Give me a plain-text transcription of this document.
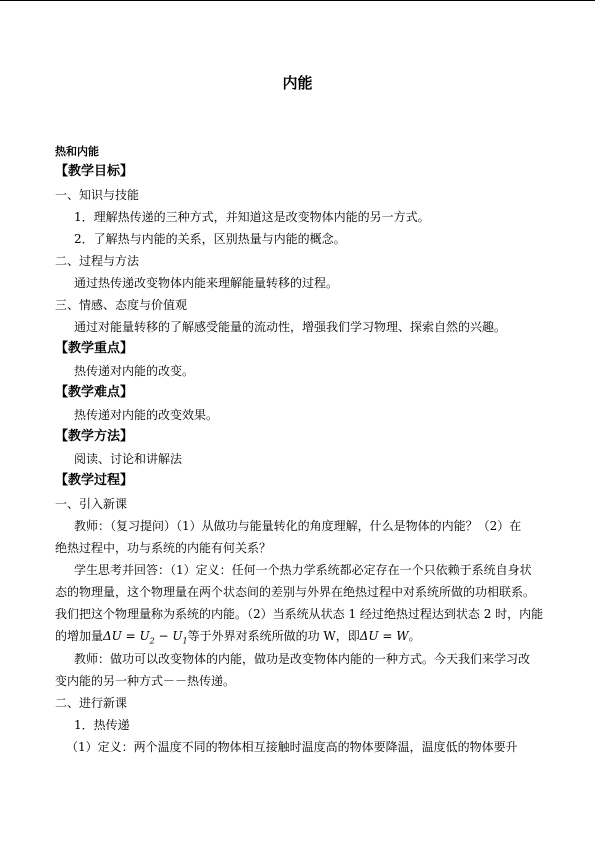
内能
热和内能
【教学目标】
一、知识与技能
1．理解热传递的三种方式，并知道这是改变物体内能的另一方式。
2．了解热与内能的关系，区别热量与内能的概念。
二、过程与方法
通过热传递改变物体内能来理解能量转移的过程。
三、情感、态度与价值观
通过对能量转移的了解感受能量的流动性，增强我们学习物理、探索自然的兴趣。
【教学重点】
热传递对内能的改变。
【教学难点】
热传递对内能的改变效果。
【教学方法】
阅读、讨论和讲解法
【教学过程】
一、引入新课
教师：（复习提问）（1）从做功与能量转化的角度理解，什么是物体的内能？（2）在
绝热过程中，功与系统的内能有何关系？
学生思考并回答：（1）定义：任何一个热力学系统都必定存在一个只依赖于系统自身状
态的物理量，这个物理量在两个状态间的差别与外界在绝热过程中对系统所做的功相联系。
我们把这个物理量称为系统的内能。（2）当系统从状态 1 经过绝热过程达到状态 2 时，内能
的增加量$\Delta U = U_2 - U_1$等于外界对系统所做的功 W，即ΔU = W。
教师：做功可以改变物体的内能，做功是改变物体内能的一种方式。今天我们来学习改
变内能的另一种方式－－热传递。
二、进行新课
1．热传递
（1）定义：两个温度不同的物体相互接触时温度高的物体要降温，温度低的物体要升
